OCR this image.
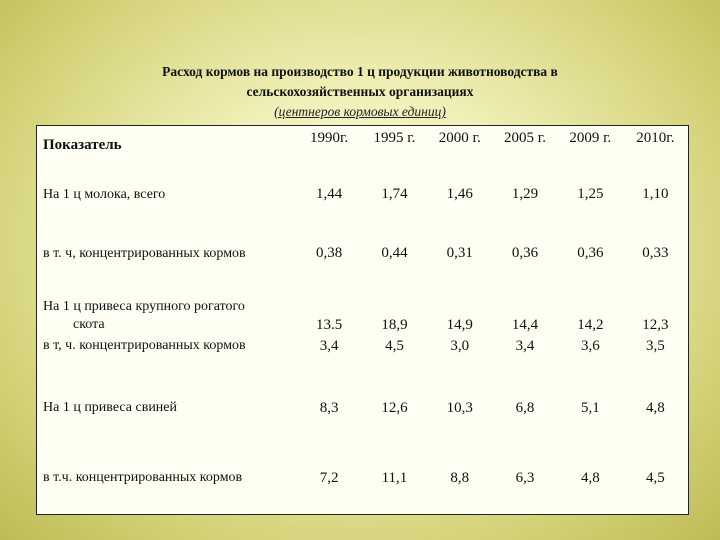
Расход кормов на производство 1 ц продукции животноводства в
сельскохозяйственных организациях
(центнеров кормовых единиц)
Показатель	1990г.	1995 г.	2000 г.	2005 г.	2009 г.	2010г.
На 1 ц молока, всего	1,44	1,74	1,46	1,29	1,25	1,10
в т. ч, концентрированных кормов	0,38	0,44	0,31	0,36	0,36	0,33
На 1 ц привеса крупного рогатого
скота	13.5	18,9	14,9	14,4	14,2	12,3
в т, ч. концентрированных кормов	3,4	4,5	3,0	3,4	3,6	3,5
На 1 ц привеса свиней	8,3	12,6	10,3	6,8	5,1	4,8
в т.ч. концентрированных кормов	7,2	11,1	8,8	6,3	4,8	4,5
